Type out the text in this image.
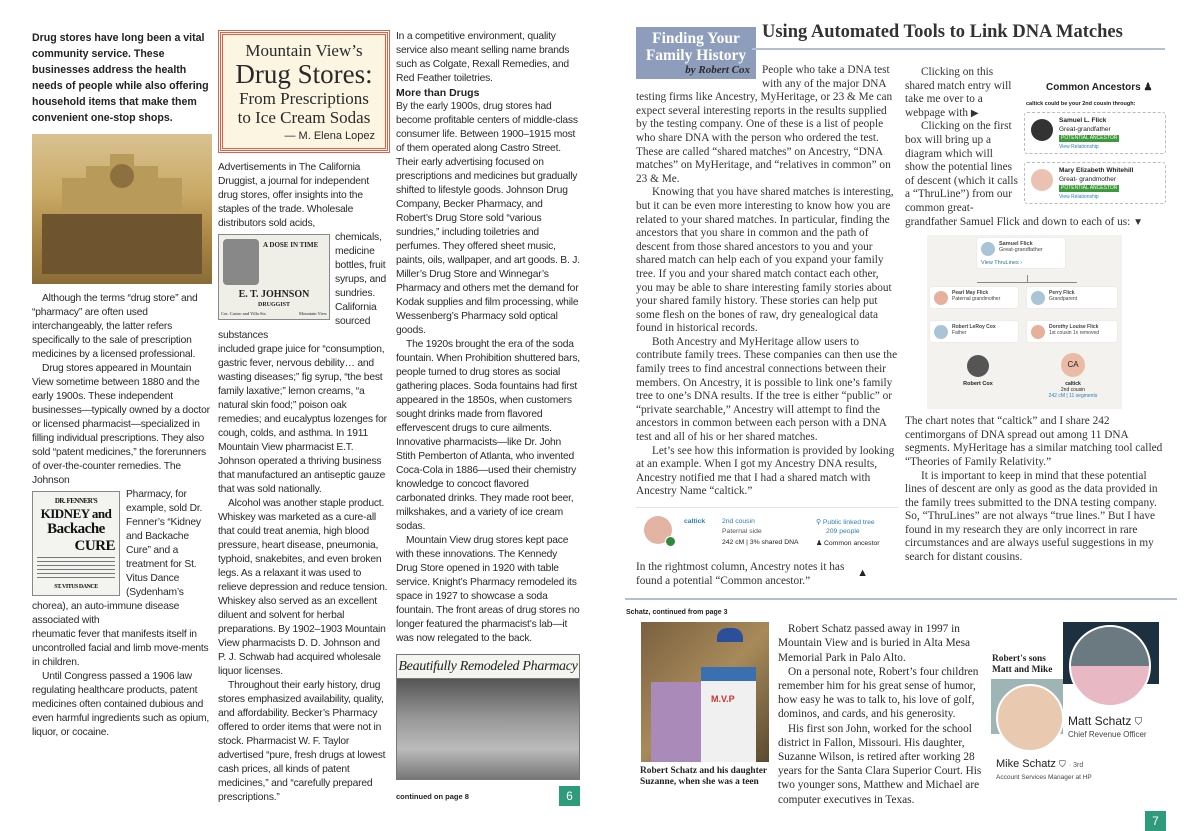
Drug stores have long been a vital community service. These businesses address the health needs of people while also offering household items that make them convenient one-stop shops.

Although the terms “drug store” and “pharmacy” are often used interchangeably, the latter refers specifically to the sale of prescription medicines by a licensed professional.

Drug stores appeared in Mountain View sometime between 1880 and the early 1900s. These independent businesses—typically owned by a doctor or licensed pharmacist—specialized in filling individual prescriptions. They also sold “patent medicines,” the forerunners of over-the-counter remedies. The Johnson

DR. FENNER'S
KIDNEY and
Backache
CURE
ST. VITUS DANCE

Pharmacy, for example, sold Dr. Fenner’s “Kidney and Backache Cure” and a treatment for St. Vitus Dance (Sydenham’s chorea), an auto-immune disease associated with

rheumatic fever that manifests itself in uncontrolled facial and limb move-ments in children.

Until Congress passed a 1906 law regulating healthcare products, patent medicines often contained dubious and even harmful ingredients such as opium, liquor, or cocaine.

Mountain View’s
Drug Stores:
From Prescriptions
to Ice Cream Sodas
— M. Elena Lopez

Advertisements in The California Druggist, a journal for independent drug stores, offer insights into the staples of the trade. Wholesale distributors sold acids,

A DOSE IN TIME
E. T. JOHNSON
DRUGGIST
Cor. Castro and Villa Sts.	Mountain View

chemicals, medicine bottles, fruit syrups, and sundries. California sourced substances

included grape juice for “consumption, gastric fever, nervous debility… and wasting diseases;” fig syrup, “the best family laxative;” lemon creams, “a natural skin food;” poison oak remedies; and eucalyptus lozenges for cough, colds, and asthma. In 1911 Mountain View pharmacist E.T. Johnson operated a thriving business that manufactured an antiseptic gauze that was sold nationally.

Alcohol was another staple product. Whiskey was marketed as a cure-all that could treat anemia, high blood pressure, heart disease, pneumonia, typhoid, snakebites, and even broken legs. As a relaxant it was used to relieve depression and reduce tension. Whiskey also served as an excellent diluent and solvent for herbal preparations. By 1902–1903 Mountain View pharmacists D. D. Johnson and P. J. Schwab had acquired wholesale liquor licenses.

Throughout their early history, drug stores emphasized availability, quality, and affordability. Becker’s Pharmacy offered to order items that were not in stock. Pharmacist W. F. Taylor advertised “pure, fresh drugs at lowest cash prices, all kinds of patent medicines,” and “carefully prepared prescriptions.”

In a competitive environment, quality service also meant selling name brands such as Colgate, Rexall Remedies, and Red Feather toiletries.

More than Drugs

By the early 1900s, drug stores had become profitable centers of middle-class consumer life. Between 1900–1915 most of them operated along Castro Street. Their early advertising focused on prescriptions and medicines but gradually shifted to lifestyle goods. Johnson Drug Company, Becker Pharmacy, and Robert’s Drug Store sold “various sundries,” including toiletries and perfumes. They offered sheet music, paints, oils, wallpaper, and art goods. B. J. Miller’s Drug Store and Winnegar’s Pharmacy and others met the demand for Kodak supplies and film processing, while Wessenberg’s Pharmacy sold optical goods.

The 1920s brought the era of the soda fountain. When Prohibition shuttered bars, people turned to drug stores as social gathering places. Soda fountains had first appeared in the 1850s, when customers sought drinks made from flavored effervescent drugs to cure ailments. Innovative pharmacists—like Dr. John Stith Pemberton of Atlanta, who invented Coca-Cola in 1886—used their chemistry knowledge to concoct flavored carbonated drinks. They made root beer, milkshakes, and a variety of ice cream sodas.

Mountain View drug stores kept pace with these innovations. The Kennedy Drug Store opened in 1920 with table service. Knight’s Pharmacy remodeled its space in 1927 to showcase a soda fountain. The front areas of drug stores no longer featured the pharmacist’s lab—it was now relegated to the back.

Beautifully Remodeled Pharmacy
continued on page 8	6
Using Automated Tools to Link DNA Matches
Finding Your
Family History
by Robert Cox	People who take a DNA test with any of the major DNA testing firms like Ancestry, MyHeritage, or 23 & Me can expect several interesting reports in the results supplied by the testing company. One of these is a list of people who share DNA with the person who ordered the test. These are called “shared matches” on Ancestry, “DNA matches” on MyHeritage, and “relatives in common” on 23 & Me.

Knowing that you have shared matches is interesting, but it can be even more interesting to know how you are related to your shared matches. In particular, finding the ancestors that you share in common and the path of descent from those shared ancestors to you and your shared match can help each of you expand your family tree. If you and your shared match contact each other, you may be able to share interesting family stories about your shared family history. These stories can help put some flesh on the bones of raw, dry genealogical data found in historical records.

Both Ancestry and MyHeritage allow users to contribute family trees. These companies can then use the family trees to find ancestral connections between their members. On Ancestry, it is possible to link one’s family tree to one’s DNA results. If the tree is either “public” or “private searchable,” Ancestry will attempt to find the ancestors in common between each person with a DNA test and all of his or her shared matches.

Let’s see how this information is provided by looking at an example. When I got my Ancestry DNA results, Ancestry notified me that I had a shared match with Ancestry Name “caltick.”

caltick 2nd cousin
Paternal side
242 cM | 3% shared DNA
⚲ Public linked tree
209 people
♟ Common ancestor
▲

In the rightmost column, Ancestry notes it has found a potential “Common ancestor.”

Common Ancestors ♟
caltick could be your 2nd cousin through:
Samuel L. Flick
Great-grandfather
POTENTIAL ANCESTOR
View Relationship
Mary Elizabeth Whitehill
Great- grandmother
POTENTIAL ANCESTOR
View Relationship

Clicking on this shared match entry will take me over to a webpage with ▶

Clicking on the first box will bring up a diagram which will show the potential lines of descent (which it calls a “ThruLine”) from our common great-grandfather Samuel Flick and down to each of us: ▼

Samuel Flick
Great-grandfather
View ThruLines ›
Pearl May Flick
Paternal grandmother
Perry Flick
Grandparent
Robert LeRoy Cox
Father
Dorothy Louise Flick
1st cousin 1x removed
Robert Cox
CA
caltick
2nd cousin
242 cM | 11 segments

The chart notes that “caltick” and I share 242 centimorgans of DNA spread out among 11 DNA segments. MyHeritage has a similar matching tool called “Theories of Family Relativity.”

It is important to keep in mind that these potential lines of descent are only as good as the data provided in the family trees submitted to the DNA testing company. So, “ThruLines” are not always “true lines.” But I have found in my research they are only incorrect in rare circumstances and are always useful suggestions in my search for distant cousins.

Schatz, continued from page 3
M.V.P
Robert Schatz and his daughter Suzanne, when she was a teen

Robert Schatz passed away in 1997 in Mountain View and is buried in Alta Mesa Memorial Park in Palo Alto.

On a personal note, Robert’s four children remember him for his great sense of humor, how easy he was to talk to, his love of golf, dominos, and cards, and his generosity.

His first son John, worked for the school district in Fallon, Missouri. His daughter, Suzanne Wilson, is retired after working 28 years for the Santa Clara Superior Court. His two younger sons, Matthew and Michael are computer executives in Texas.

Robert's sons Matt and Mike
Matt Schatz ⛉
Chief Revenue Officer
Mike Schatz ⛉ · 3rd
Account Services Manager at HP
7
